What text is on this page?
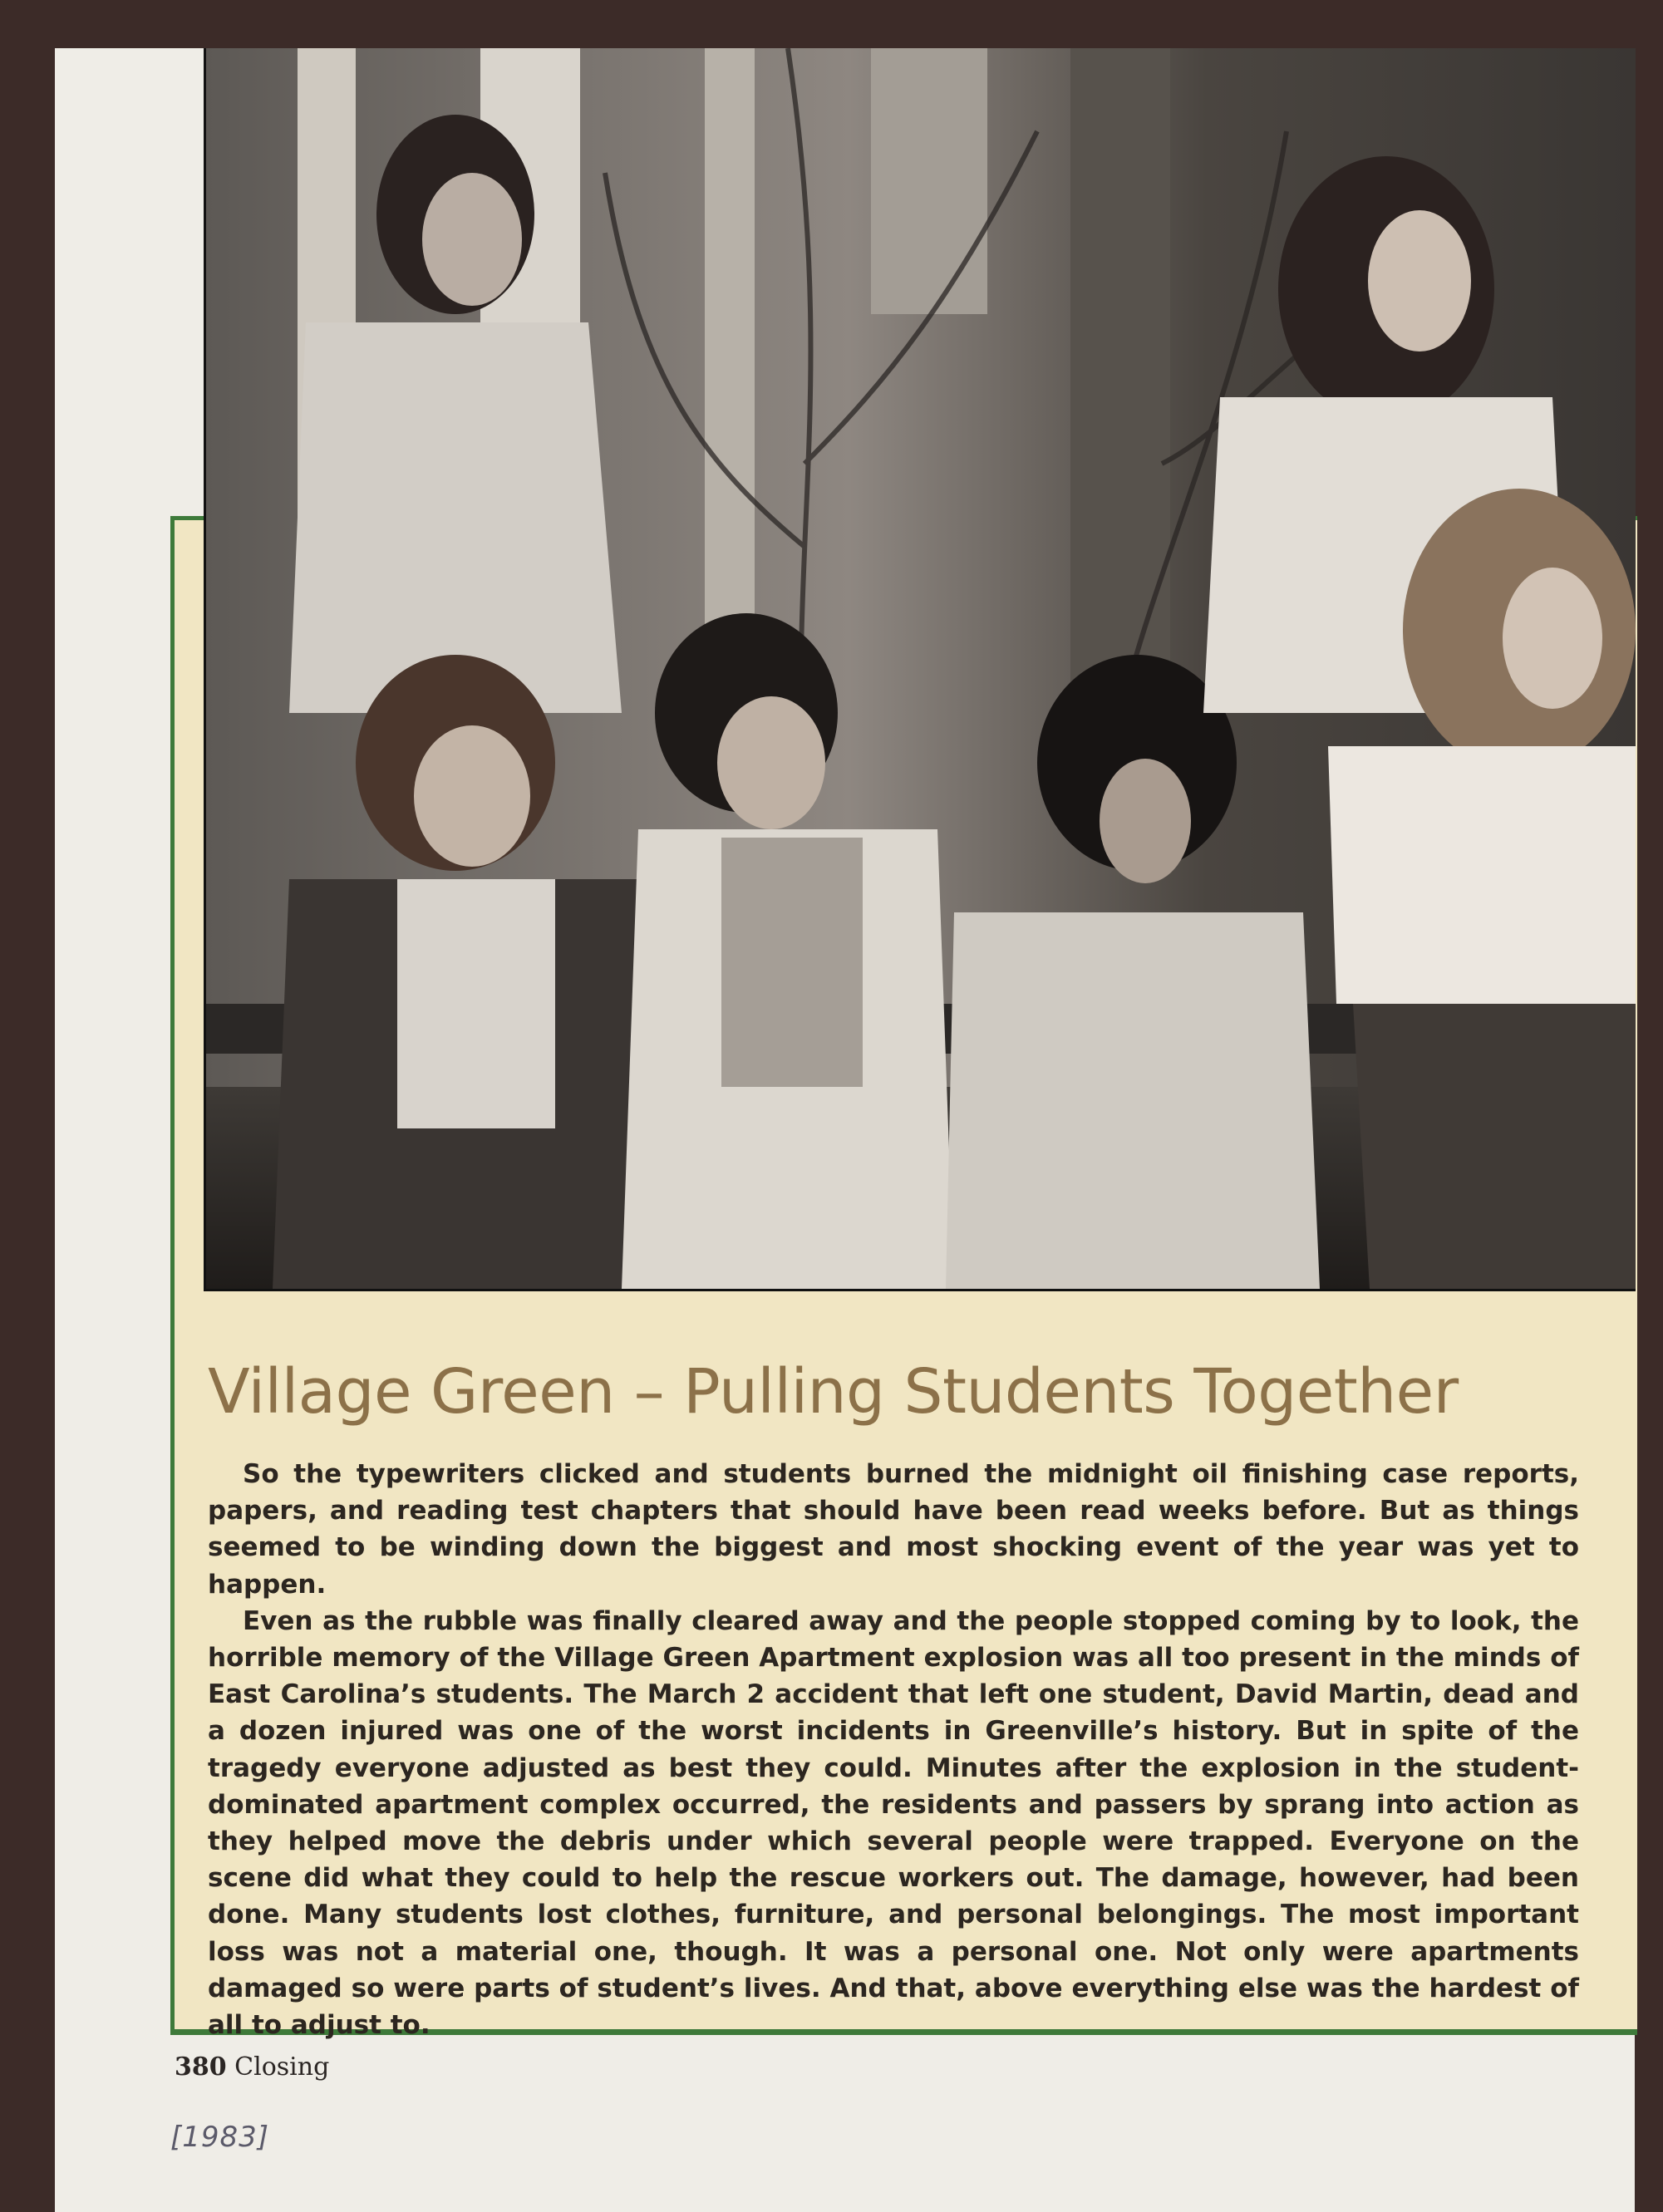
Village Green – Pulling Students Together

So the typewriters clicked and students burned the midnight oil finishing case reports, papers, and reading test chapters that should have been read weeks before. But as things seemed to be winding down the biggest and most shocking event of the year was yet to happen.

Even as the rubble was finally cleared away and the people stopped coming by to look, the horrible memory of the Village Green Apartment explosion was all too present in the minds of East Carolina’s students. The March 2 accident that left one student, David Martin, dead and a dozen injured was one of the worst incidents in Greenville’s history. But in spite of the tragedy everyone adjusted as best they could. Minutes after the explosion in the student-dominated apartment complex occurred, the residents and passers by sprang into action as they helped move the debris under which several people were trapped. Everyone on the scene did what they could to help the rescue workers out. The damage, however, had been done. Many students lost clothes, furniture, and personal belongings. The most important loss was not a material one, though. It was a personal one. Not only were apartments damaged so were parts of student’s lives. And that, above everything else was the hardest of all to adjust to.

380 Closing
[1983]
